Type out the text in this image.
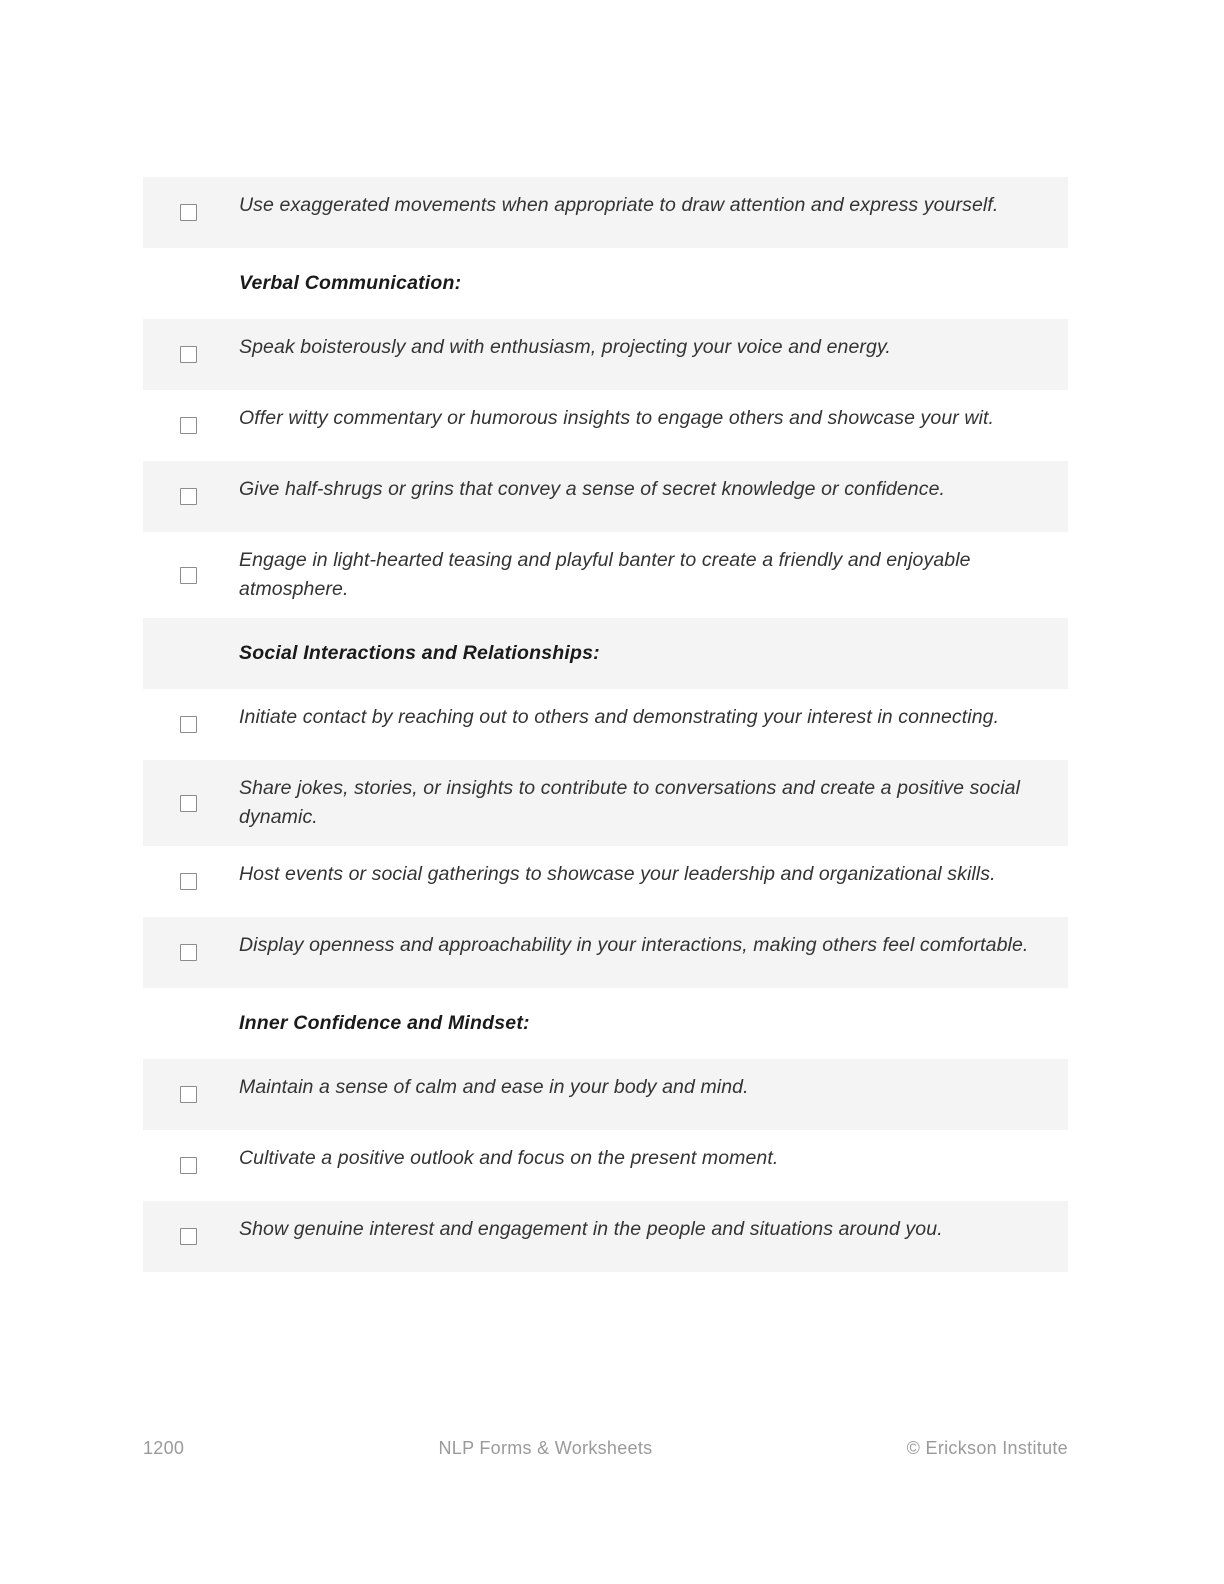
Use exaggerated movements when appropriate to draw attention and express yourself.
Verbal Communication:
Speak boisterously and with enthusiasm, projecting your voice and energy.
Offer witty commentary or humorous insights to engage others and showcase your wit.
Give half-shrugs or grins that convey a sense of secret knowledge or confidence.
Engage in light-hearted teasing and playful banter to create a friendly and enjoyable atmosphere.
Social Interactions and Relationships:
Initiate contact by reaching out to others and demonstrating your interest in connecting.
Share jokes, stories, or insights to contribute to conversations and create a positive social dynamic.
Host events or social gatherings to showcase your leadership and organizational skills.
Display openness and approachability in your interactions, making others feel comfortable.
Inner Confidence and Mindset:
Maintain a sense of calm and ease in your body and mind.
Cultivate a positive outlook and focus on the present moment.
Show genuine interest and engagement in the people and situations around you.
1200	NLP Forms & Worksheets	© Erickson Institute
